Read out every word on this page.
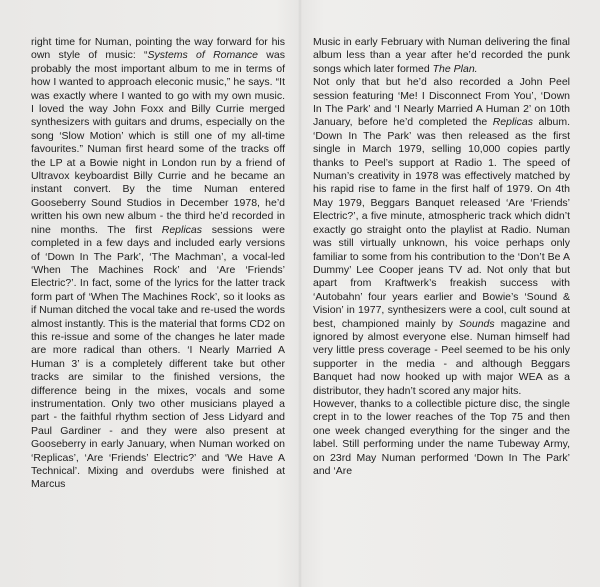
right time for Numan, pointing the way forward for his own style of music: “Systems of Romance was probably the most important album to me in terms of how I wanted to approach eleconic music,” he says. “It was exactly where I wanted to go with my own music. I loved the way John Foxx and Billy Currie merged synthesizers with guitars and drums, especially on the song ‘Slow Motion’ which is still one of my all-time favourites.” Numan first heard some of the tracks off the LP at a Bowie night in London run by a friend of Ultravox keyboardist Billy Currie and he became an instant convert. By the time Numan entered Gooseberry Sound Studios in December 1978, he’d written his own new album - the third he’d recorded in nine months. The first Replicas sessions were completed in a few days and included early versions of ‘Down In The Park’, ‘The Machman’, a vocal-led ‘When The Machines Rock’ and ‘Are ‘Friends’ Electric?’. In fact, some of the lyrics for the latter track form part of ‘When The Machines Rock’, so it looks as if Numan ditched the vocal take and re-used the words almost instantly. This is the material that forms CD2 on this re-issue and some of the changes he later made are more radical than others. ‘I Nearly Married A Human 3’ is a completely different take but other tracks are similar to the finished versions, the difference being in the mixes, vocals and some instrumentation. Only two other musicians played a part - the faithful rhythm section of Jess Lidyard and Paul Gardiner - and they were also present at Gooseberry in early January, when Numan worked on ‘Replicas’, ‘Are ‘Friends’ Electric?’ and ‘We Have A Technical’. Mixing and overdubs were finished at Marcus

Music in early February with Numan delivering the final album less than a year after he’d recorded the punk songs which later formed The Plan.

Not only that but he’d also recorded a John Peel session featuring ‘Me! I Disconnect From You’, ‘Down In The Park’ and ‘I Nearly Married A Human 2’ on 10th January, before he’d completed the Replicas album. ‘Down In The Park’ was then released as the first single in March 1979, selling 10,000 copies partly thanks to Peel’s support at Radio 1. The speed of Numan’s creativity in 1978 was effectively matched by his rapid rise to fame in the first half of 1979. On 4th May 1979, Beggars Banquet released ‘Are ‘Friends’ Electric?’, a five minute, atmospheric track which didn’t exactly go straight onto the playlist at Radio. Numan was still virtually unknown, his voice perhaps only familiar to some from his contribution to the ‘Don’t Be A Dummy’ Lee Cooper jeans TV ad. Not only that but apart from Kraftwerk’s freakish success with ‘Autobahn’ four years earlier and Bowie’s ‘Sound & Vision’ in 1977, synthesizers were a cool, cult sound at best, championed mainly by Sounds magazine and ignored by almost everyone else. Numan himself had very little press coverage - Peel seemed to be his only supporter in the media - and although Beggars Banquet had now hooked up with major WEA as a distributor, they hadn’t scored any major hits.

However, thanks to a collectible picture disc, the single crept in to the lower reaches of the Top 75 and then one week changed everything for the singer and the label. Still performing under the name Tubeway Army, on 23rd May Numan performed ‘Down In The Park’ and ‘Are
